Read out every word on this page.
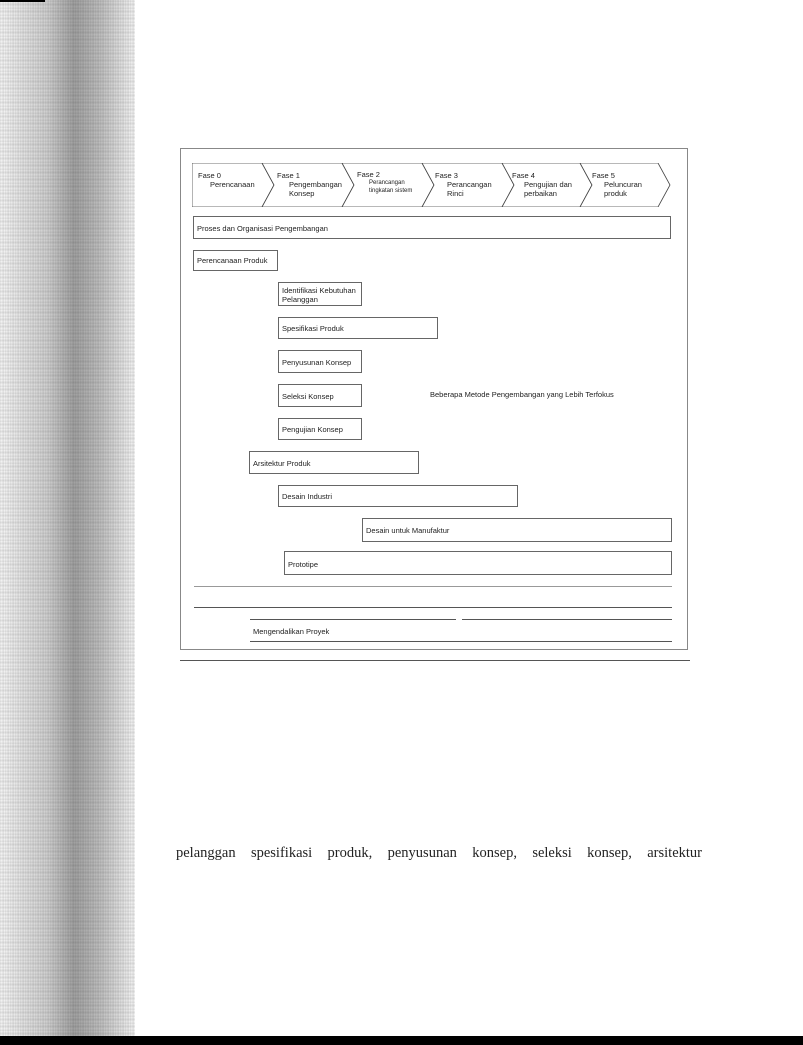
Fase 0
Perencanaan
Fase 1
Pengembangan Konsep
Fase 2
Perancangan tingkatan sistem
Fase 3
Perancangan Rinci
Fase 4
Pengujian dan perbaikan
Fase 5
Peluncuran produk
Proses dan Organisasi Pengembangan
Perencanaan Produk
Identifikasi Kebutuhan Pelanggan
Spesifikasi Produk
Penyusunan Konsep
Seleksi Konsep	Beberapa Metode Pengembangan yang Lebih Terfokus
Pengujian Konsep
Arsitektur Produk
Desain Industri
Desain untuk Manufaktur
Prototipe
Mengendalikan Proyek
pelanggan spesifikasi produk, penyusunan konsep, seleksi konsep, arsitektur
